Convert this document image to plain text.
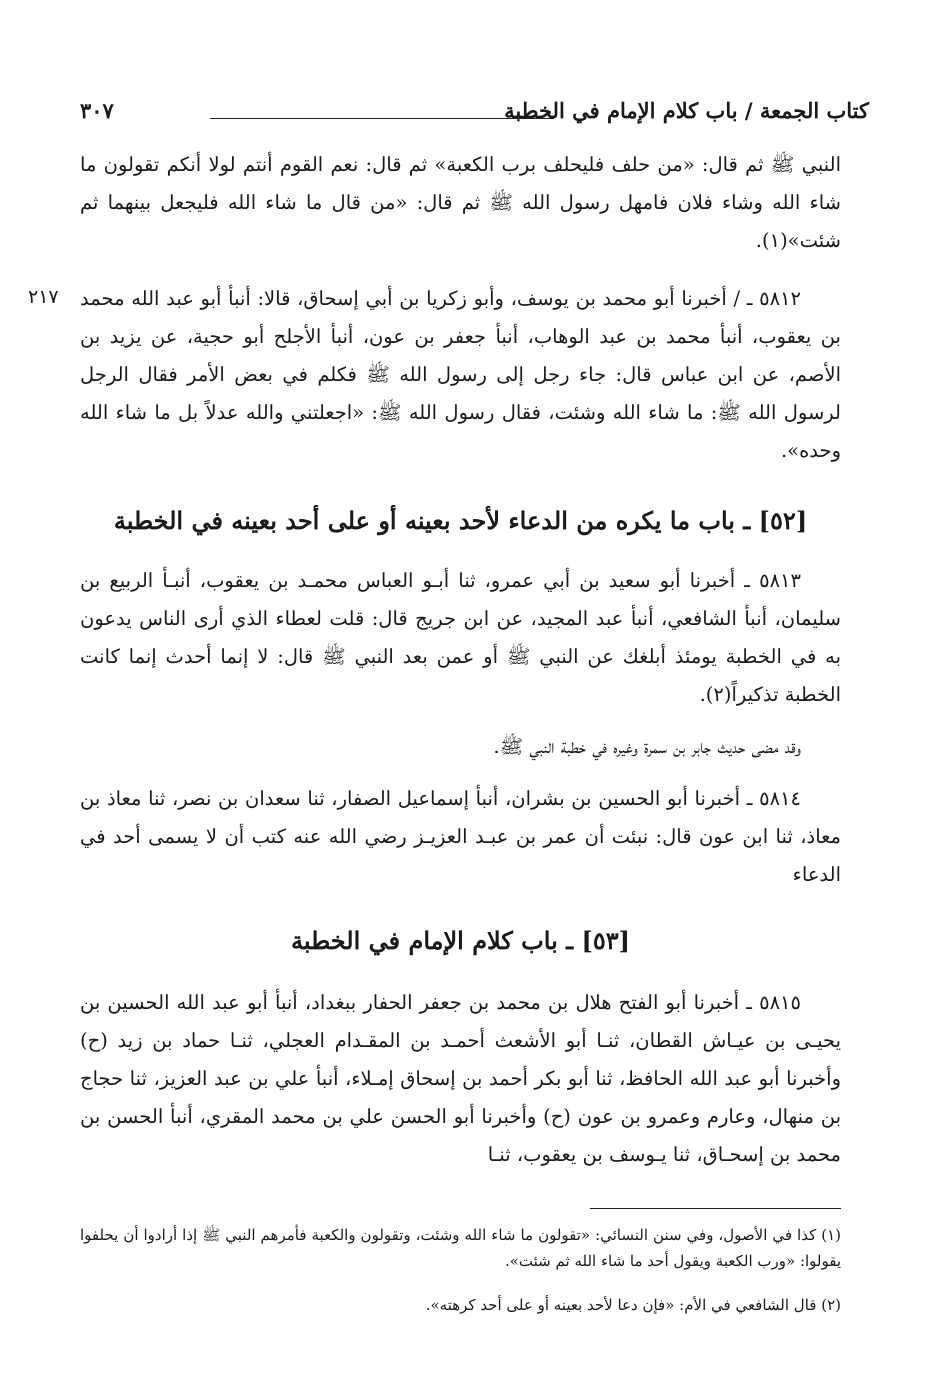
كتاب الجمعة / باب كلام الإمام في الخطبة
٣٠٧

النبي ﷺ ثم قال: «من حلف فليحلف برب الكعبة» ثم قال: نعم القوم أنتم لولا أنكم تقولون ما شاء الله وشاء فلان فامهل رسول الله ﷺ ثم قال: «من قال ما شاء الله فليجعل بينهما ثم شئت»(١).

٢١٧ ٥٨١٢ ـ / أخبرنا أبو محمد بن يوسف، وأبو زكريا بن أبي إسحاق، قالا: أنبأ أبو عبد الله محمد بن يعقوب، أنبأ محمد بن عبد الوهاب، أنبأ جعفر بن عون، أنبأ الأجلح أبو حجية، عن يزيد بن الأصم، عن ابن عباس قال: جاء رجل إلى رسول الله ﷺ فكلم في بعض الأمر فقال الرجل لرسول الله ﷺ: ما شاء الله وشئت، فقال رسول الله ﷺ: «اجعلتني والله عدلاً بل ما شاء الله وحده».

[٥٢] ـ باب ما يكره من الدعاء لأحد بعينه أو على أحد بعينه في الخطبة

٥٨١٣ ـ أخبرنا أبو سعيد بن أبي عمرو، ثنا أبـو العباس محمـد بن يعقوب، أنبـأ الربيع بن سليمان، أنبأ الشافعي، أنبأ عبد المجيد، عن ابن جريج قال: قلت لعطاء الذي أرى الناس يدعون به في الخطبة يومئذ أبلغك عن النبي ﷺ أو عمن بعد النبي ﷺ قال: لا إنما أحدث إنما كانت الخطبة تذكيراً(٢).

وقد مضى حديث جابر بن سمرة وغيره في خطبة النبي ﷺ.

٥٨١٤ ـ أخبرنا أبو الحسين بن بشران، أنبأ إسماعيل الصفار، ثنا سعدان بن نصر، ثنا معاذ بن معاذ، ثنا ابن عون قال: نبئت أن عمر بن عبـد العزيـز رضي الله عنه كتب أن لا يسمى أحد في الدعاء

[٥٣] ـ باب كلام الإمام في الخطبة

٥٨١٥ ـ أخبرنا أبو الفتح هلال بن محمد بن جعفر الحفار ببغداد، أنبأ أبو عبد الله الحسين بن يحيـى بن عيـاش القطان، ثنـا أبو الأشعث أحمـد بن المقـدام العجلي، ثنـا حماد بن زيد (ح) وأخبرنا أبو عبد الله الحافظ، ثنا أبو بكر أحمد بن إسحاق إمـلاء، أنبأ علي بن عبد العزيز، ثنا حجاج بن منهال، وعارم وعمرو بن عون (ح) وأخبرنا أبو الحسن علي بن محمد المقري، أنبأ الحسن بن محمد بن إسحـاق، ثنا يـوسف بن يعقوب، ثنـا

(١) كذا في الأصول، وفي سنن النسائي: «تقولون ما شاء الله وشئت، وتقولون والكعبة فأمرهم النبي ﷺ إذا أرادوا أن يحلفوا يقولوا: «ورب الكعبة ويقول أحد ما شاء الله ثم شئت».

(٢) قال الشافعي في الأم: «فإن دعا لأحد بعينه أو على أحد كرهته».
